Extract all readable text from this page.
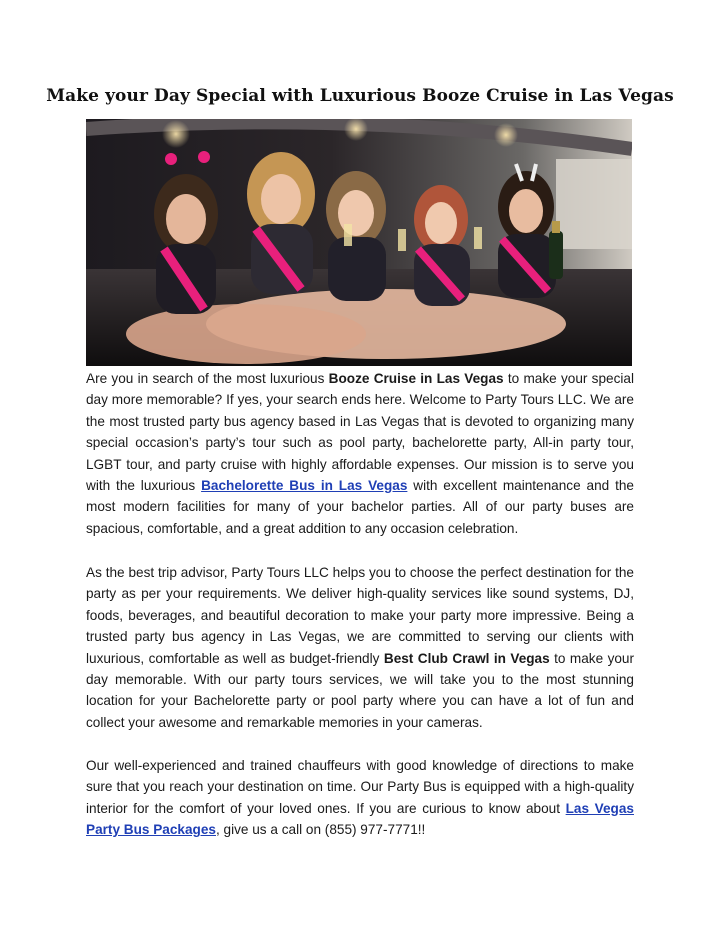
Make your Day Special with Luxurious Booze Cruise in Las Vegas

Are you in search of the most luxurious Booze Cruise in Las Vegas to make your special day more memorable? If yes, your search ends here. Welcome to Party Tours LLC. We are the most trusted party bus agency based in Las Vegas that is devoted to organizing many special occasion’s party’s tour such as pool party, bachelorette party, All-in party tour, LGBT tour, and party cruise with highly affordable expenses. Our mission is to serve you with the luxurious Bachelorette Bus in Las Vegas with excellent maintenance and the most modern facilities for many of your bachelor parties. All of our party buses are spacious, comfortable, and a great addition to any occasion celebration.

As the best trip advisor, Party Tours LLC helps you to choose the perfect destination for the party as per your requirements. We deliver high-quality services like sound systems, DJ, foods, beverages, and beautiful decoration to make your party more impressive. Being a trusted party bus agency in Las Vegas, we are committed to serving our clients with luxurious, comfortable as well as budget-friendly Best Club Crawl in Vegas to make your day memorable. With our party tours services, we will take you to the most stunning location for your Bachelorette party or pool party where you can have a lot of fun and collect your awesome and remarkable memories in your cameras.

Our well-experienced and trained chauffeurs with good knowledge of directions to make sure that you reach your destination on time. Our Party Bus is equipped with a high-quality interior for the comfort of your loved ones. If you are curious to know about Las Vegas Party Bus Packages, give us a call on (855) 977-7771!!
